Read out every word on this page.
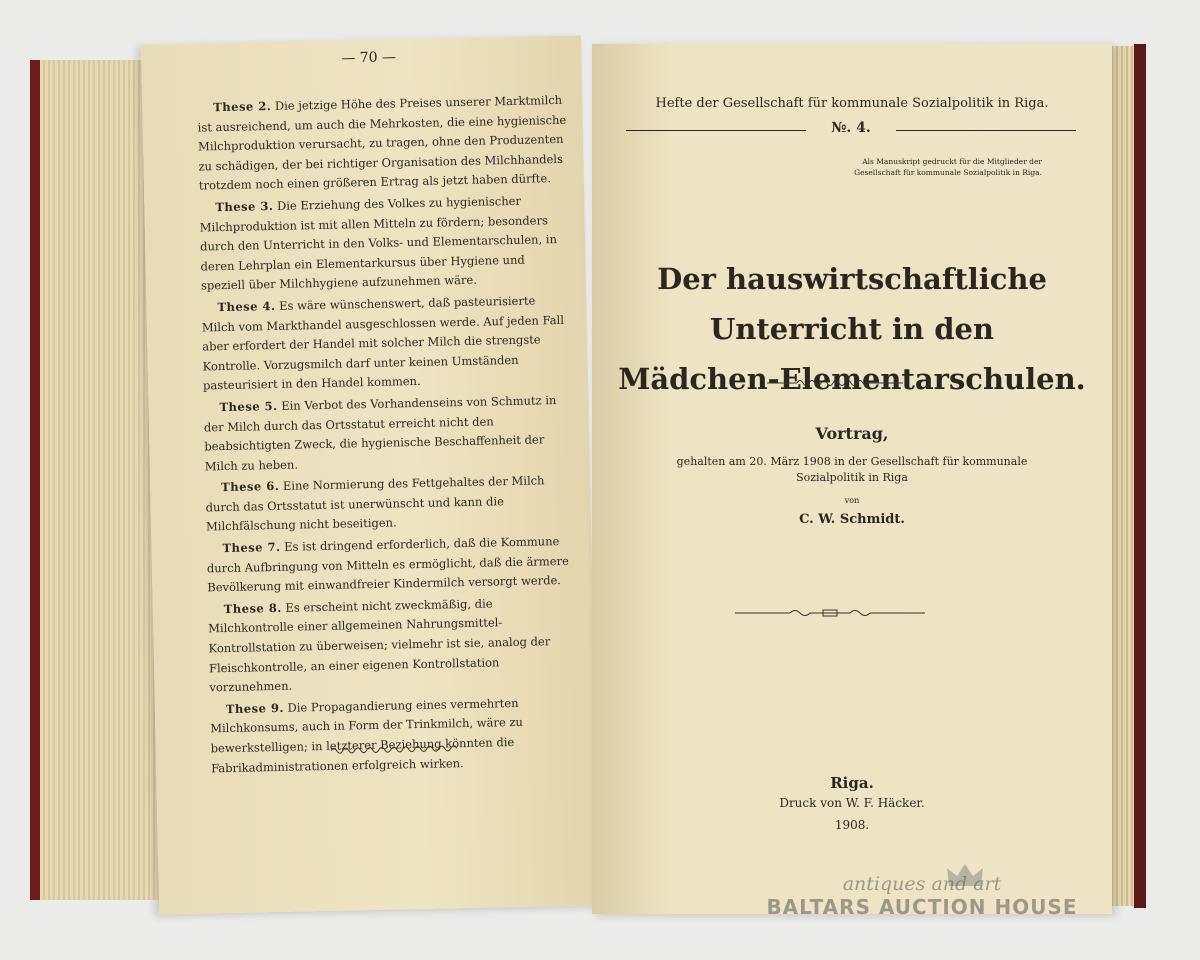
— 70 —

These 2. Die jetzige Höhe des Preises unserer Marktmilch ist ausreichend, um auch die Mehrkosten, die eine hygienische Milchproduktion verursacht, zu tragen, ohne den Produzenten zu schädigen, der bei richtiger Organisation des Milchhandels trotzdem noch einen größeren Ertrag als jetzt haben dürfte.

These 3. Die Erziehung des Volkes zu hygienischer Milchproduktion ist mit allen Mitteln zu fördern; besonders durch den Unterricht in den Volks- und Elementarschulen, in deren Lehrplan ein Elementarkursus über Hygiene und speziell über Milchhygiene aufzunehmen wäre.

These 4. Es wäre wünschenswert, daß pasteurisierte Milch vom Markthandel ausgeschlossen werde. Auf jeden Fall aber erfordert der Handel mit solcher Milch die strengste Kontrolle. Vorzugsmilch darf unter keinen Umständen pasteurisiert in den Handel kommen.

These 5. Ein Verbot des Vorhandenseins von Schmutz in der Milch durch das Ortsstatut erreicht nicht den beabsichtigten Zweck, die hygienische Beschaffenheit der Milch zu heben.

These 6. Eine Normierung des Fettgehaltes der Milch durch das Ortsstatut ist unerwünscht und kann die Milchfälschung nicht beseitigen.

These 7. Es ist dringend erforderlich, daß die Kommune durch Aufbringung von Mitteln es ermöglicht, daß die ärmere Bevölkerung mit einwandfreier Kindermilch versorgt werde.

These 8. Es erscheint nicht zweckmäßig, die Milchkontrolle einer allgemeinen Nahrungsmittel-Kontrollstation zu überweisen; vielmehr ist sie, analog der Fleischkontrolle, an einer eigenen Kontrollstation vorzunehmen.

These 9. Die Propagandierung eines vermehrten Milchkonsums, auch in Form der Trinkmilch, wäre zu bewerkstelligen; in letzterer Beziehung könnten die Fabrikadministrationen erfolgreich wirken.

Hefte der Gesellschaft für kommunale Sozialpolitik in Riga.
№. 4.
Als Manuskript gedruckt für die Mitglieder der Gesellschaft für kommunale Sozialpolitik in Riga.
Der hauswirtschaftliche Unterricht in den
Mädchen-Elementarschulen.
Vortrag,
gehalten am 20. März 1908 in der Gesellschaft für kommunale Sozialpolitik in Riga
von
C. W. Schmidt.
Riga.
Druck von W. F. Häcker.
1908.
antiques and art
BALTARS AUCTION HOUSE
